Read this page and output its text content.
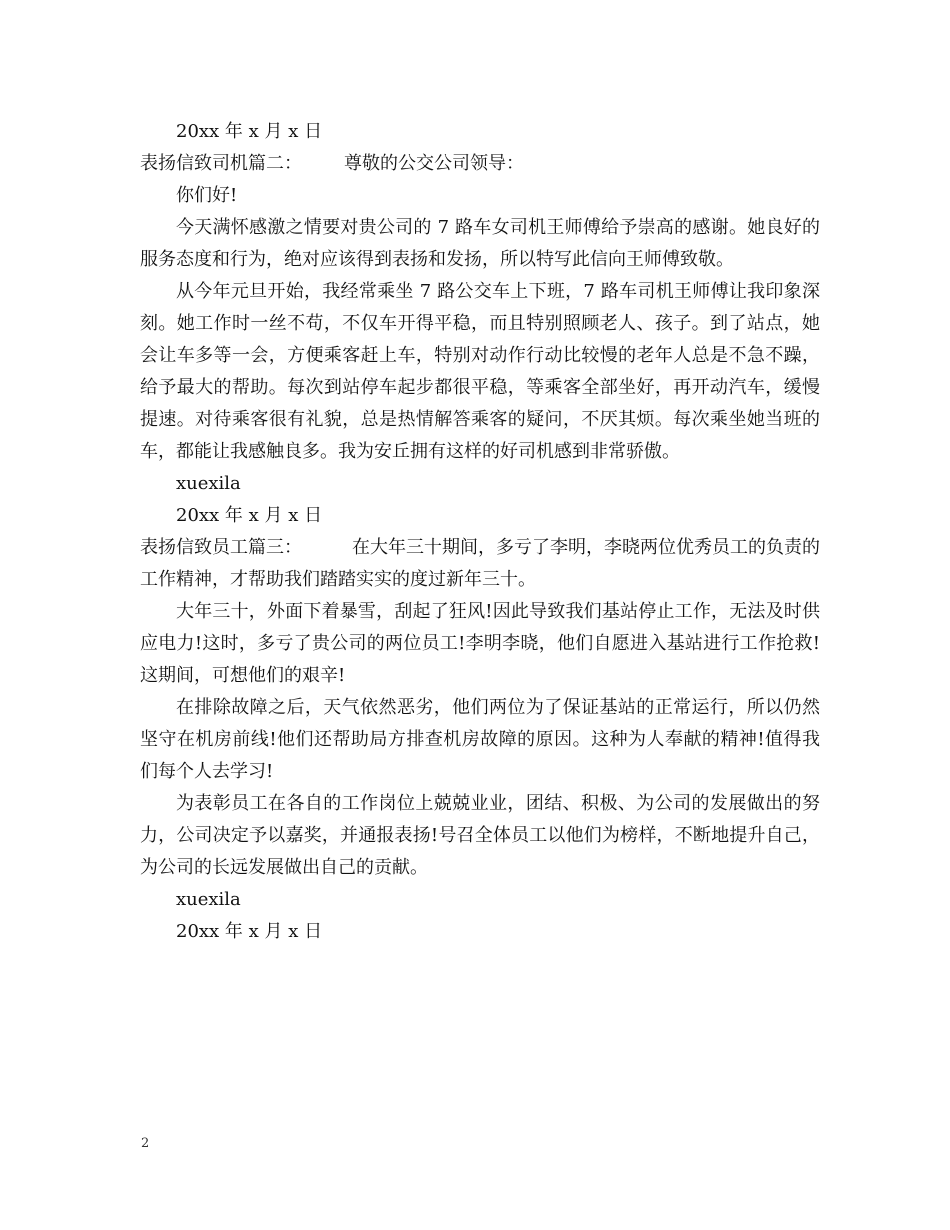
20xx 年 x 月 x 日

表扬信致司机篇二： 尊敬的公交公司领导：

你们好!

今天满怀感激之情要对贵公司的 7 路车女司机王师傅给予崇高的感谢。她良好的服务态度和行为，绝对应该得到表扬和发扬，所以特写此信向王师傅致敬。

从今年元旦开始，我经常乘坐 7 路公交车上下班，7 路车司机王师傅让我印象深刻。她工作时一丝不苟，不仅车开得平稳，而且特别照顾老人、孩子。到了站点，她会让车多等一会，方便乘客赶上车，特别对动作行动比较慢的老年人总是不急不躁，给予最大的帮助。每次到站停车起步都很平稳，等乘客全部坐好，再开动汽车，缓慢提速。对待乘客很有礼貌，总是热情解答乘客的疑问，不厌其烦。每次乘坐她当班的车，都能让我感触良多。我为安丘拥有这样的好司机感到非常骄傲。

xuexila

20xx 年 x 月 x 日

表扬信致员工篇三：	在大年三十期间，多亏了李明，李晓两位优秀员工的负责的工作精神，才帮助我们踏踏实实的度过新年三十。

大年三十，外面下着暴雪，刮起了狂风!因此导致我们基站停止工作，无法及时供应电力!这时，多亏了贵公司的两位员工!李明李晓，他们自愿进入基站进行工作抢救!这期间，可想他们的艰辛!

在排除故障之后，天气依然恶劣，他们两位为了保证基站的正常运行，所以仍然坚守在机房前线!他们还帮助局方排查机房故障的原因。这种为人奉献的精神!值得我们每个人去学习!

为表彰员工在各自的工作岗位上兢兢业业，团结、积极、为公司的发展做出的努力，公司决定予以嘉奖，并通报表扬!号召全体员工以他们为榜样，不断地提升自己，为公司的长远发展做出自己的贡献。

xuexila

20xx 年 x 月 x 日

2
